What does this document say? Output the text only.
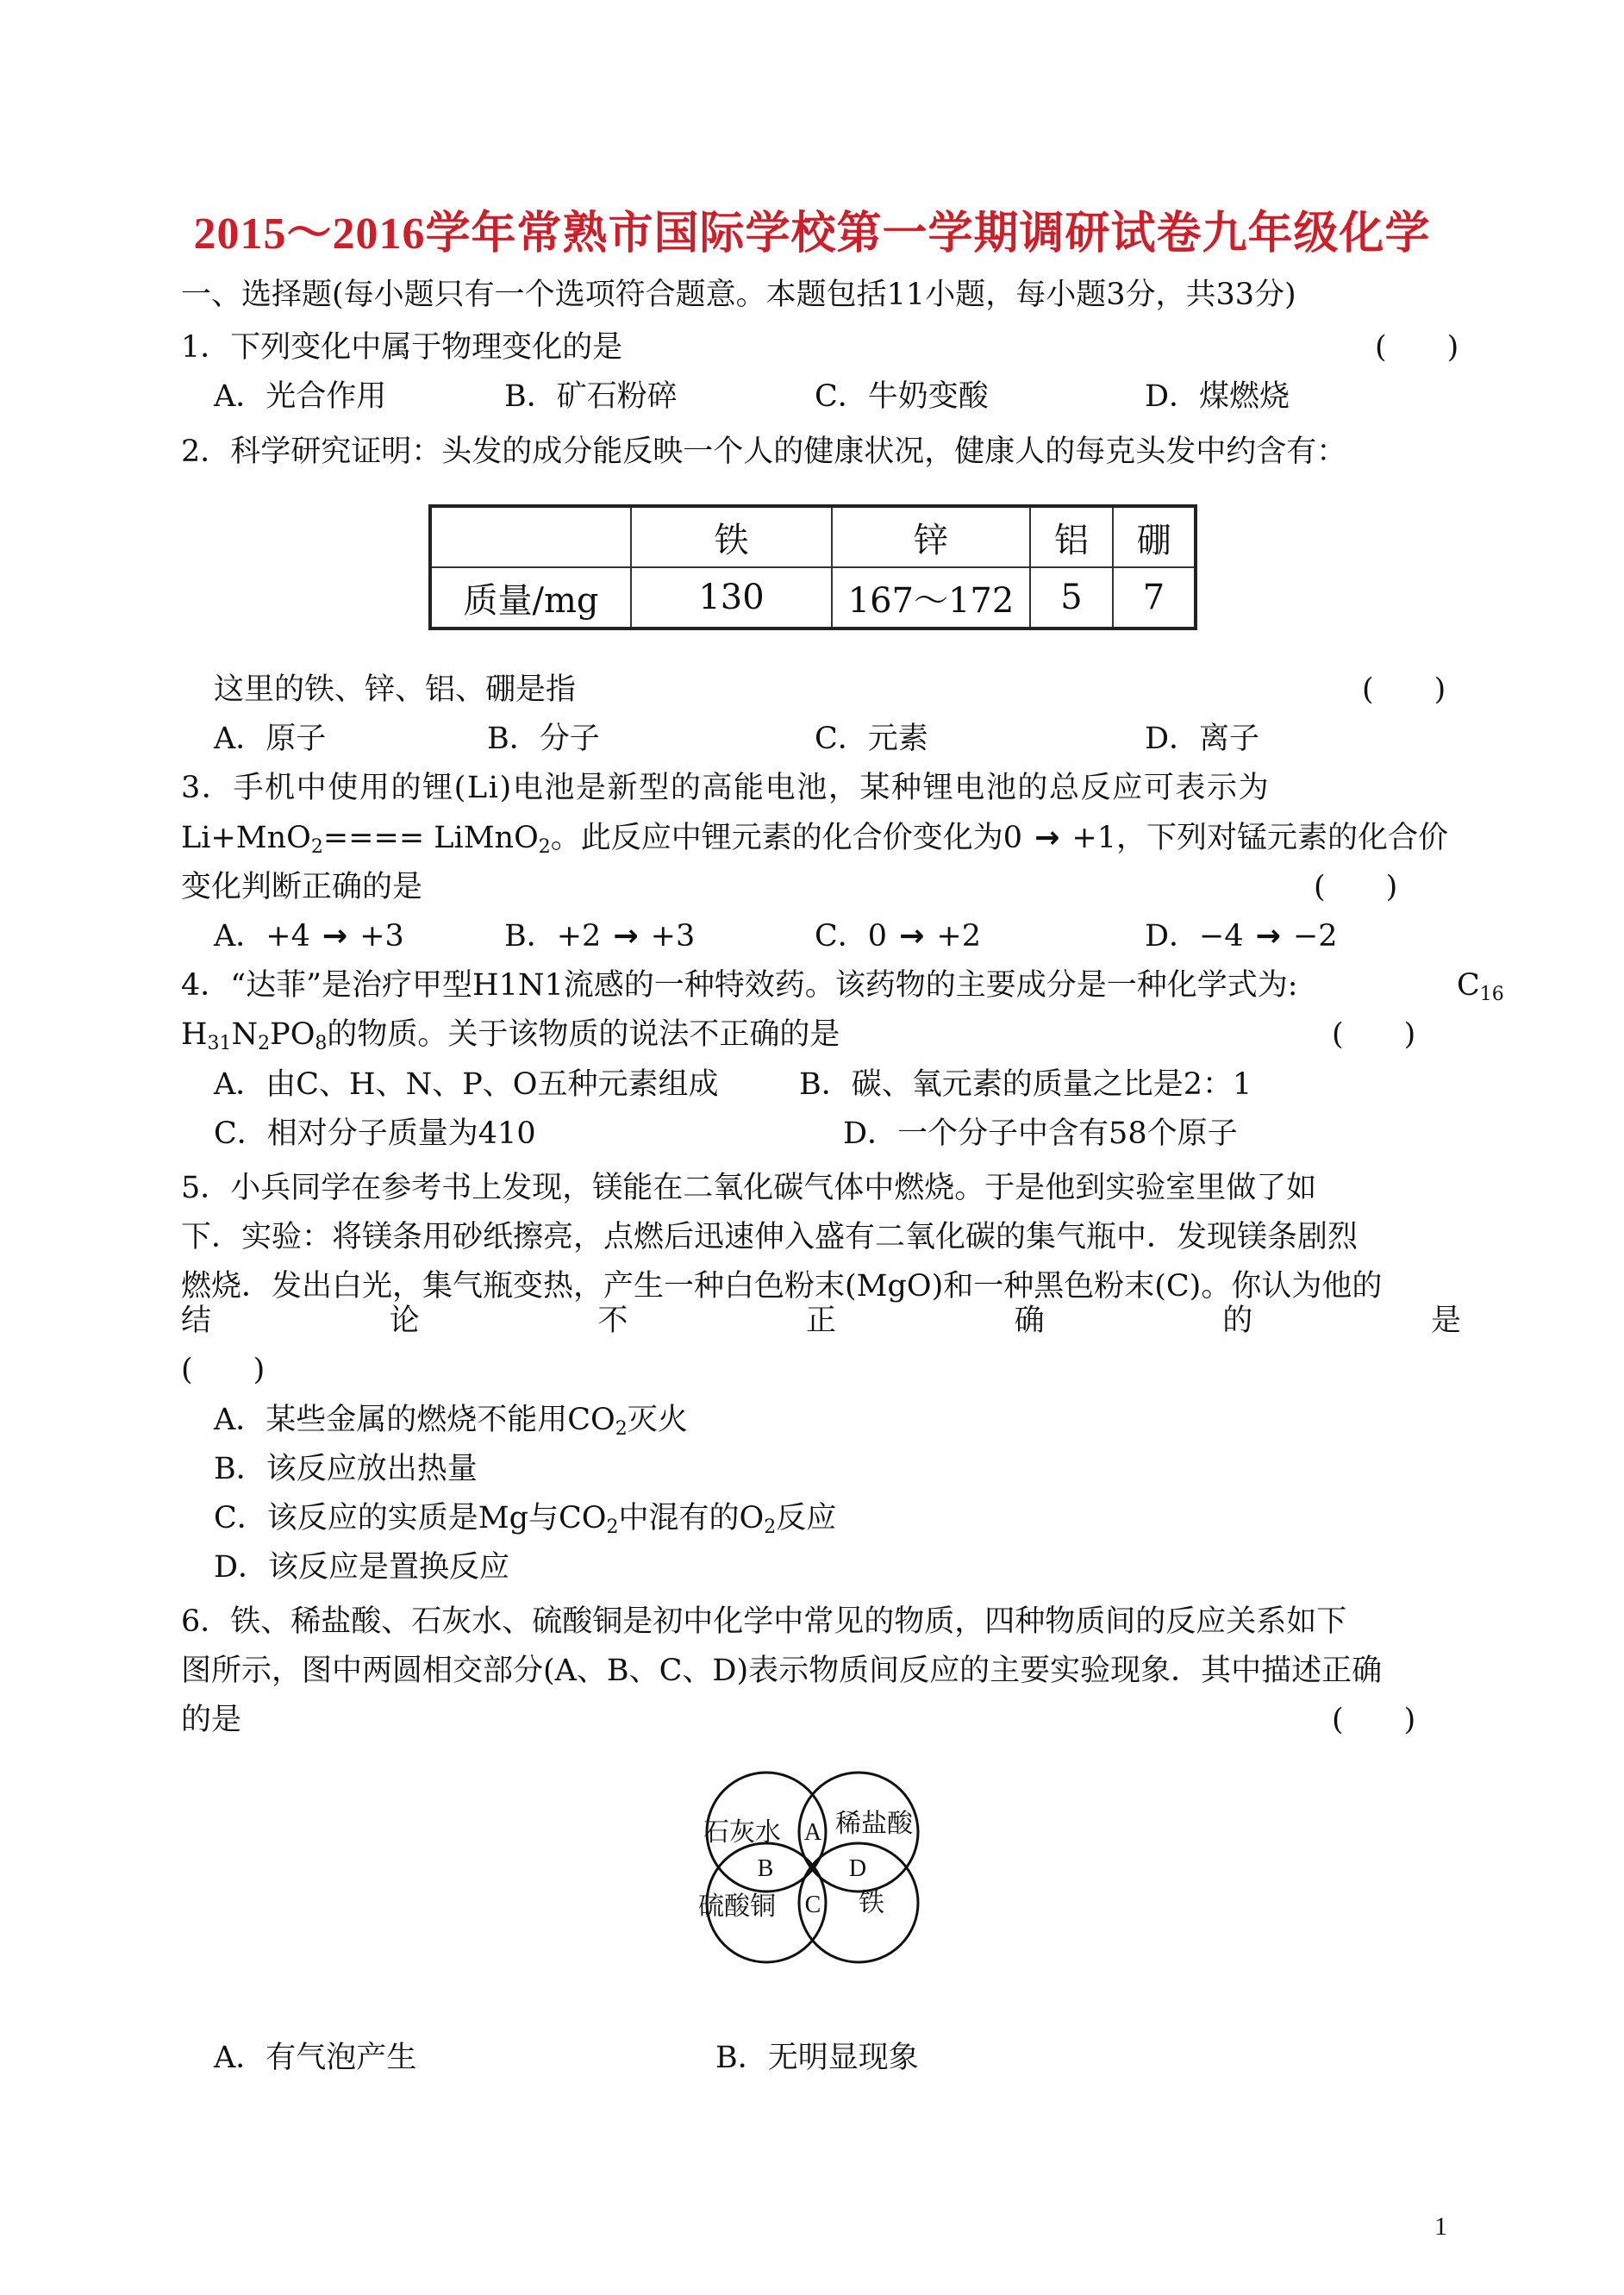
2015～2016学年常熟市国际学校第一学期调研试卷九年级化学
一、选择题(每小题只有一个选项符合题意。本题包括11小题，每小题3分，共33分)
1．下列变化中属于物理变化的是	(　　)
A．光合作用	B．矿石粉碎	C．牛奶变酸	D．煤燃烧
2．科学研究证明：头发的成分能反映一个人的健康状况，健康人的每克头发中约含有：
	铁	锌	铝	硼
质量/mg	130	167～172	5	7
这里的铁、锌、铝、硼是指	(　　)
A．原子	B．分子	C．元素	D．离子
3．手机中使用的锂(Li)电池是新型的高能电池，某种锂电池的总反应可表示为
Li+MnO$_2$==== LiMnO$_2$。此反应中锂元素的化合价变化为0 → +1，下列对锰元素的化合价
变化判断正确的是	(　　)
A．+4 → +3	B．+2 → +3	C．0 → +2	D．−4 → −2
4．“达菲”是治疗甲型H1N1流感的一种特效药。该药物的主要成分是一种化学式为:	$C_{16}$
$H_{31}N_2PO_8$的物质。关于该物质的说法不正确的是	(　　)
A．由C、H、N、P、O五种元素组成	B．碳、氧元素的质量之比是2：1
C．相对分子质量为410	D．一个分子中含有58个原子
5．小兵同学在参考书上发现，镁能在二氧化碳气体中燃烧。于是他到实验室里做了如
下．实验：将镁条用砂纸擦亮，点燃后迅速伸入盛有二氧化碳的集气瓶中．发现镁条剧烈
燃烧．发出白光，集气瓶变热，产生一种白色粉末(MgO)和一种黑色粉末(C)。你认为他的
结	论	不	正	确	的	是
(　　)
A．某些金属的燃烧不能用$CO_2$灭火
B．该反应放出热量
C．该反应的实质是Mg与$CO_2$中混有的$O_2$反应
D．该反应是置换反应
6．铁、稀盐酸、石灰水、硫酸铜是初中化学中常见的物质，四种物质间的反应关系如下
图所示，图中两圆相交部分(A、B、C、D)表示物质间反应的主要实验现象．其中描述正确
的是	(　　)
石灰水 稀盐酸
硫酸铜	铁
A
B
C
D
A．有气泡产生	B．无明显现象
1
